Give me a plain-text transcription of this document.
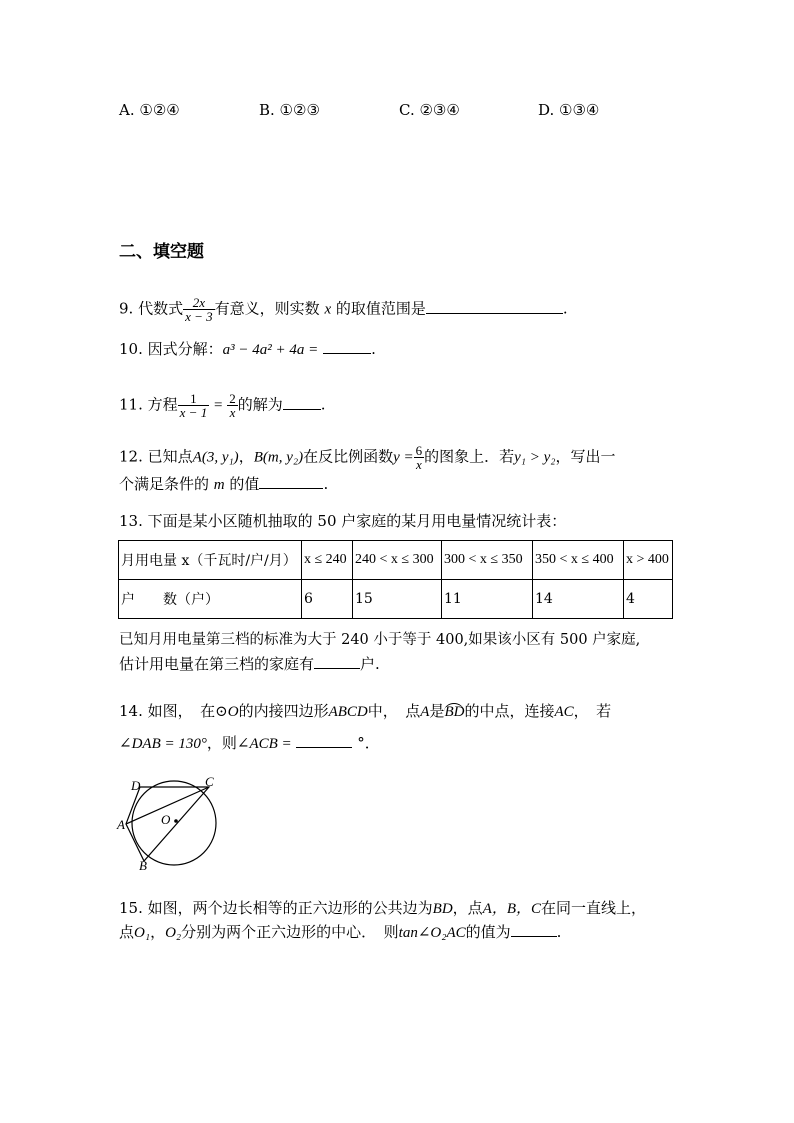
A. ①②④	B. ①②③	C. ②③④	D. ①③④
二、填空题
9. 代数式 $\frac{2x}{x - 3}$ 有意义，则实数 x 的取值范围是	.
10. 因式分解：a³ − 4a² + 4a =	.
11. 方程 $\frac{1}{x - 1} = \frac{2}{x}$ 的解为	.
12. 已知点A(3, y₁)，B(m, y₂)在反比例函数$y = \frac{6}{x}$ 的图象上．若y₁ > y₂，写出一
个满足条件的 m 的值	.
13. 下面是某小区随机抽取的 50 户家庭的某月用电量情况统计表：
月用电量 x（千瓦时/户/月）	x ≤ 240	240 < x ≤ 300	300 < x ≤ 350	350 < x ≤ 400	x > 400
户　　数（户）	6	15	11	14	4
已知月用电量第三档的标准为大于 240 小于等于 400,如果该小区有 500 户家庭,
估计用电量在第三档的家庭有	户.
14. 如图，　在⊙O的内接四边形ABCD中，　点A是BD的中点，连接AC，　若
∠DAB = 130°，则∠ACB =	°．
D	C
A	O
B
15. 如图，两个边长相等的正六边形的公共边为BD，点A，B，C在同一直线上，
点O₁，O₂分别为两个正六边形的中心．　则tan∠O₂AC的值为	.
